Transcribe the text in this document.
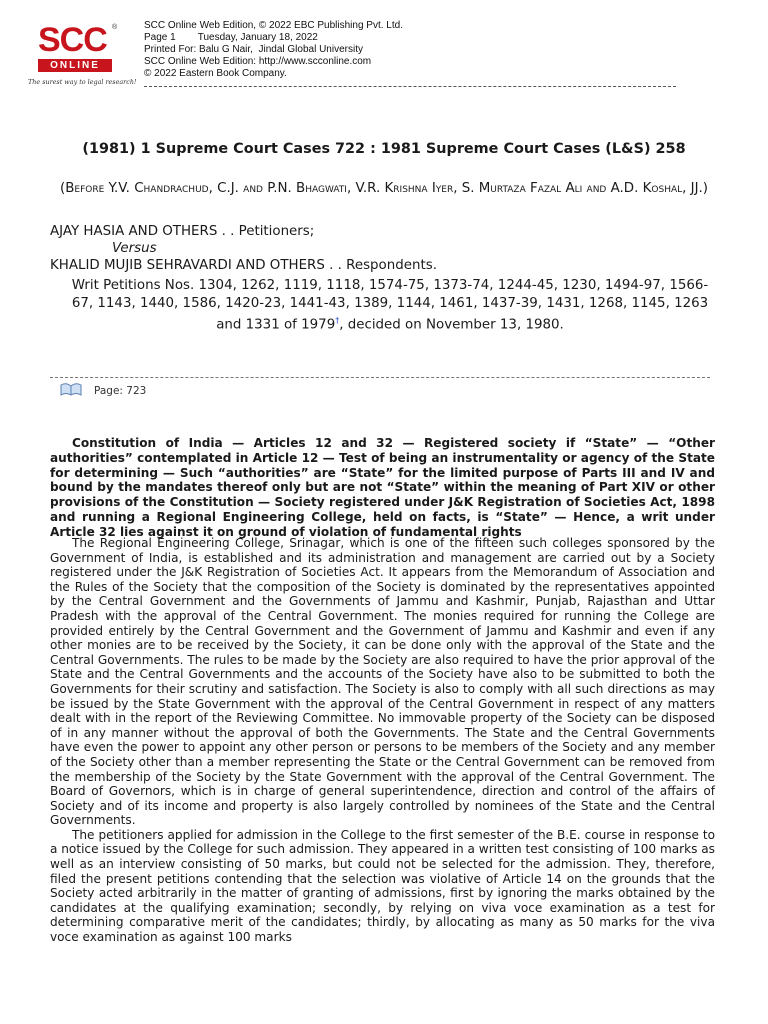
SCC ®
ONLINE
The surest way to legal research!
SCC Online Web Edition, © 2022 EBC Publishing Pvt. Ltd.
Page 1        Tuesday, January 18, 2022
Printed For: Balu G Nair,  Jindal Global University
SCC Online Web Edition: http://www.scconline.com
© 2022 Eastern Book Company.
(1981) 1 Supreme Court Cases 722 : 1981 Supreme Court Cases (L&S) 258
(Before Y.V. Chandrachud, C.J. and P.N. Bhagwati, V.R. Krishna Iyer, S. Murtaza Fazal Ali and A.D. Koshal, JJ.)
AJAY HASIA AND OTHERS . . Petitioners;
Versus
KHALID MUJIB SEHRAVARDI AND OTHERS . . Respondents.
Writ Petitions Nos. 1304, 1262, 1119, 1118, 1574-75, 1373-74, 1244-45, 1230, 1494-97, 1566-67, 1143, 1440, 1586, 1420-23, 1441-43, 1389, 1144, 1461, 1437-39, 1431, 1268, 1145, 1263 and 1331 of 1979†, decided on November 13, 1980.
Page: 723
Constitution of India — Articles 12 and 32 — Registered society if “State” — “Other authorities” contemplated in Article 12 — Test of being an instrumentality or agency of the State for determining — Such “authorities” are “State” for the limited purpose of Parts III and IV and bound by the mandates thereof only but are not “State” within the meaning of Part XIV or other provisions of the Constitution — Society registered under J&K Registration of Societies Act, 1898 and running a Regional Engineering College, held on facts, is “State” — Hence, a writ under Article 32 lies against it on ground of violation of fundamental rights

The Regional Engineering College, Srinagar, which is one of the fifteen such colleges sponsored by the Government of India, is established and its administration and management are carried out by a Society registered under the J&K Registration of Societies Act. It appears from the Memorandum of Association and the Rules of the Society that the composition of the Society is dominated by the representatives appointed by the Central Government and the Governments of Jammu and Kashmir, Punjab, Rajasthan and Uttar Pradesh with the approval of the Central Government. The monies required for running the College are provided entirely by the Central Government and the Government of Jammu and Kashmir and even if any other monies are to be received by the Society, it can be done only with the approval of the State and the Central Governments. The rules to be made by the Society are also required to have the prior approval of the State and the Central Governments and the accounts of the Society have also to be submitted to both the Governments for their scrutiny and satisfaction. The Society is also to comply with all such directions as may be issued by the State Government with the approval of the Central Government in respect of any matters dealt with in the report of the Reviewing Committee. No immovable property of the Society can be disposed of in any manner without the approval of both the Governments. The State and the Central Governments have even the power to appoint any other person or persons to be members of the Society and any member of the Society other than a member representing the State or the Central Government can be removed from the membership of the Society by the State Government with the approval of the Central Government. The Board of Governors, which is in charge of general superintendence, direction and control of the affairs of Society and of its income and property is also largely controlled by nominees of the State and the Central Governments.

The petitioners applied for admission in the College to the first semester of the B.E. course in response to a notice issued by the College for such admission. They appeared in a written test consisting of 100 marks as well as an interview consisting of 50 marks, but could not be selected for the admission. They, therefore, filed the present petitions contending that the selection was violative of Article 14 on the grounds that the Society acted arbitrarily in the matter of granting of admissions, first by ignoring the marks obtained by the candidates at the qualifying examination; secondly, by relying on viva voce examination as a test for determining comparative merit of the candidates; thirdly, by allocating as many as 50 marks for the viva voce examination as against 100 marks
